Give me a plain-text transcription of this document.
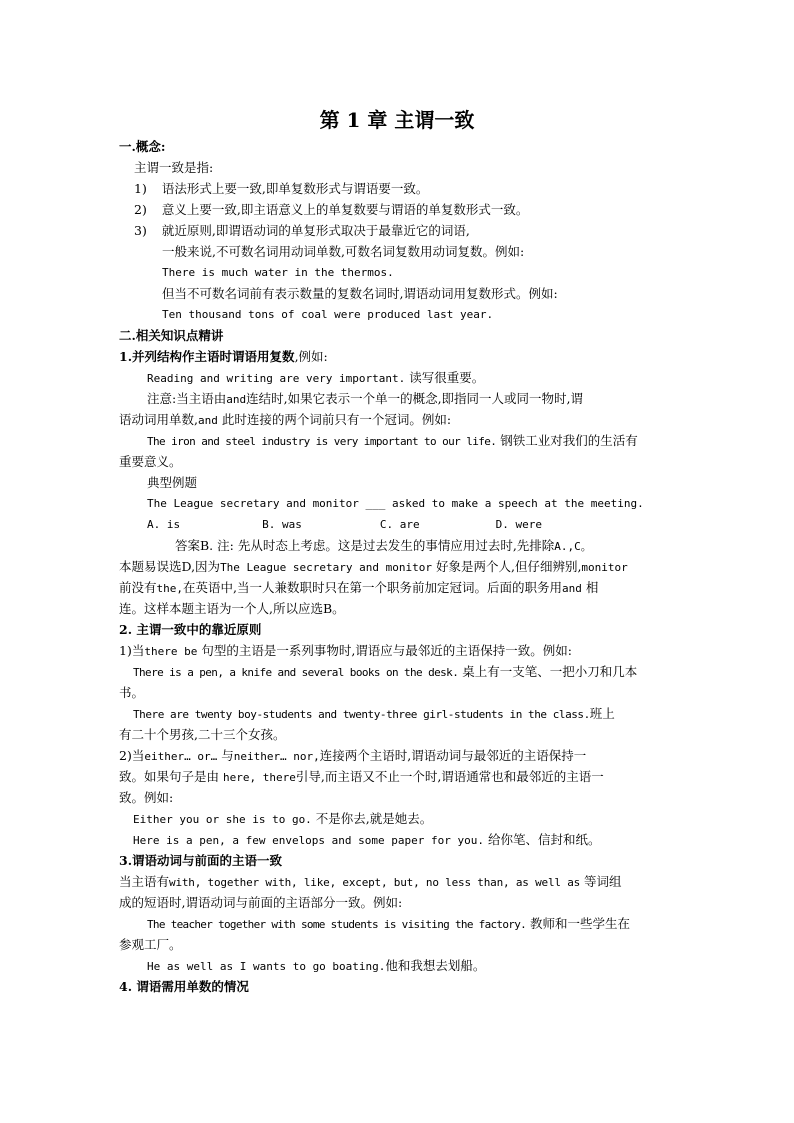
第 1 章 主谓一致
一.概念:
主谓一致是指:
1) 语法形式上要一致,即单复数形式与谓语要一致。
2) 意义上要一致,即主语意义上的单复数要与谓语的单复数形式一致。
3) 就近原则,即谓语动词的单复形式取决于最靠近它的词语,
一般来说,不可数名词用动词单数,可数名词复数用动词复数。例如:
There is much water in the thermos.
但当不可数名词前有表示数量的复数名词时,谓语动词用复数形式。例如:
Ten thousand tons of coal were produced last year.
二.相关知识点精讲
1.并列结构作主语时谓语用复数,例如:
Reading and writing are very important. 读写很重要。
注意:当主语由and连结时,如果它表示一个单一的概念,即指同一人或同一物时,谓
语动词用单数,and 此时连接的两个词前只有一个冠词。例如:
The iron and steel industry is very important to our life. 钢铁工业对我们的生活有
重要意义。
典型例题
The League secretary and monitor ___ asked to make a speech at the meeting.
A. is	B. was	C. are	D. were
答案B. 注: 先从时态上考虑。这是过去发生的事情应用过去时,先排除A.,C。
本题易误选D,因为The League secretary and monitor 好象是两个人,但仔细辨别,monitor
前没有the,在英语中,当一人兼数职时只在第一个职务前加定冠词。后面的职务用and 相
连。这样本题主语为一个人,所以应选B。
2. 主谓一致中的靠近原则
1)当there be 句型的主语是一系列事物时,谓语应与最邻近的主语保持一致。例如:
There is a pen, a knife and several books on the desk. 桌上有一支笔、一把小刀和几本
书。
There are twenty boy-students and twenty-three girl-students in the class.班上
有二十个男孩,二十三个女孩。
2)当either… or… 与neither… nor,连接两个主语时,谓语动词与最邻近的主语保持一
致。如果句子是由 here, there引导,而主语又不止一个时,谓语通常也和最邻近的主语一
致。例如:
Either you or she is to go. 不是你去,就是她去。
Here is a pen, a few envelops and some paper for you. 给你笔、信封和纸。
3.谓语动词与前面的主语一致
当主语有with, together with, like, except, but, no less than, as well as 等词组
成的短语时,谓语动词与前面的主语部分一致。例如:
The teacher together with some students is visiting the factory. 教师和一些学生在
参观工厂。
He as well as I wants to go boating.他和我想去划船。
4. 谓语需用单数的情况
